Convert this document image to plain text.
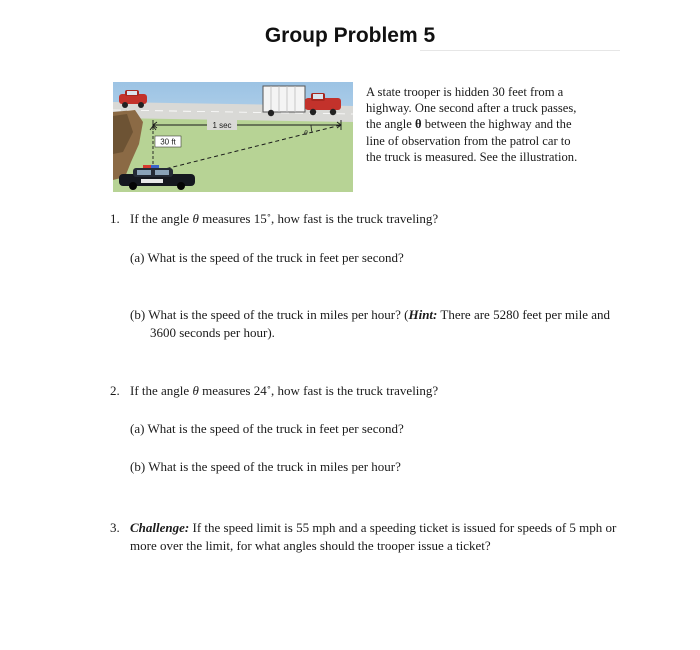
Group Problem 5
1 sec
30 ft
θ
A state trooper is hidden 30 feet from a highway. One second after a truck passes, the angle θ between the highway and the line of observation from the patrol car to the truck is measured. See the illustration.
1. If the angle θ measures 15˚, how fast is the truck traveling?
(a) What is the speed of the truck in feet per second?
(b) What is the speed of the truck in miles per hour? (Hint: There are 5280 feet per mile and 3600 seconds per hour).
2. If the angle θ measures 24˚, how fast is the truck traveling?
(a) What is the speed of the truck in feet per second?
(b) What is the speed of the truck in miles per hour?
3. Challenge: If the speed limit is 55 mph and a speeding ticket is issued for speeds of 5 mph or more over the limit, for what angles should the trooper issue a ticket?
